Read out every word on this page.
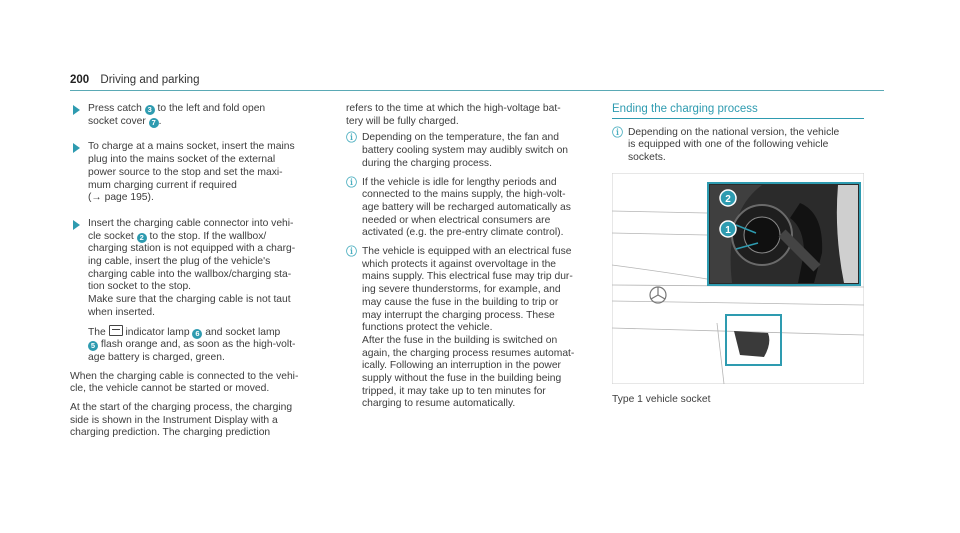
200 Driving and parking
Press catch 3 to the left and fold open
socket cover 7 .
To charge at a mains socket, insert the mains
plug into the mains socket of the external
power source to the stop and set the maxi-
mum charging current if required
(→ page 195).
Insert the charging cable connector into vehi-
cle socket 2 to the stop. If the wallbox/
charging station is not equipped with a charg-
ing cable, insert the plug of the vehicle's
charging cable into the wallbox/charging sta-
tion socket to the stop.
Make sure that the charging cable is not taut
when inserted.
The  indicator lamp 6 and socket lamp
5 flash orange and, as soon as the high-volt-
age battery is charged, green.
When the charging cable is connected to the vehi-
cle, the vehicle cannot be started or moved.
At the start of the charging process, the charging
side is shown in the Instrument Display with a
charging prediction. The charging prediction
refers to the time at which the high-voltage bat-
tery will be fully charged.
ⓘ Depending on the temperature, the fan and
battery cooling system may audibly switch on
during the charging process.
ⓘ If the vehicle is idle for lengthy periods and
connected to the mains supply, the high-volt-
age battery will be recharged automatically as
needed or when electrical consumers are
activated (e.g. the pre-entry climate control).
ⓘ The vehicle is equipped with an electrical fuse
which protects it against overvoltage in the
mains supply. This electrical fuse may trip dur-
ing severe thunderstorms, for example, and
may cause the fuse in the building to trip or
may interrupt the charging process. These
functions protect the vehicle.
After the fuse in the building is switched on
again, the charging process resumes automat-
ically. Following an interruption in the power
supply without the fuse in the building being
tripped, it may take up to ten minutes for
charging to resume automatically.
Ending the charging process
ⓘ Depending on the national version, the vehicle
is equipped with one of the following vehicle
sockets.
2
1
Type 1 vehicle socket
